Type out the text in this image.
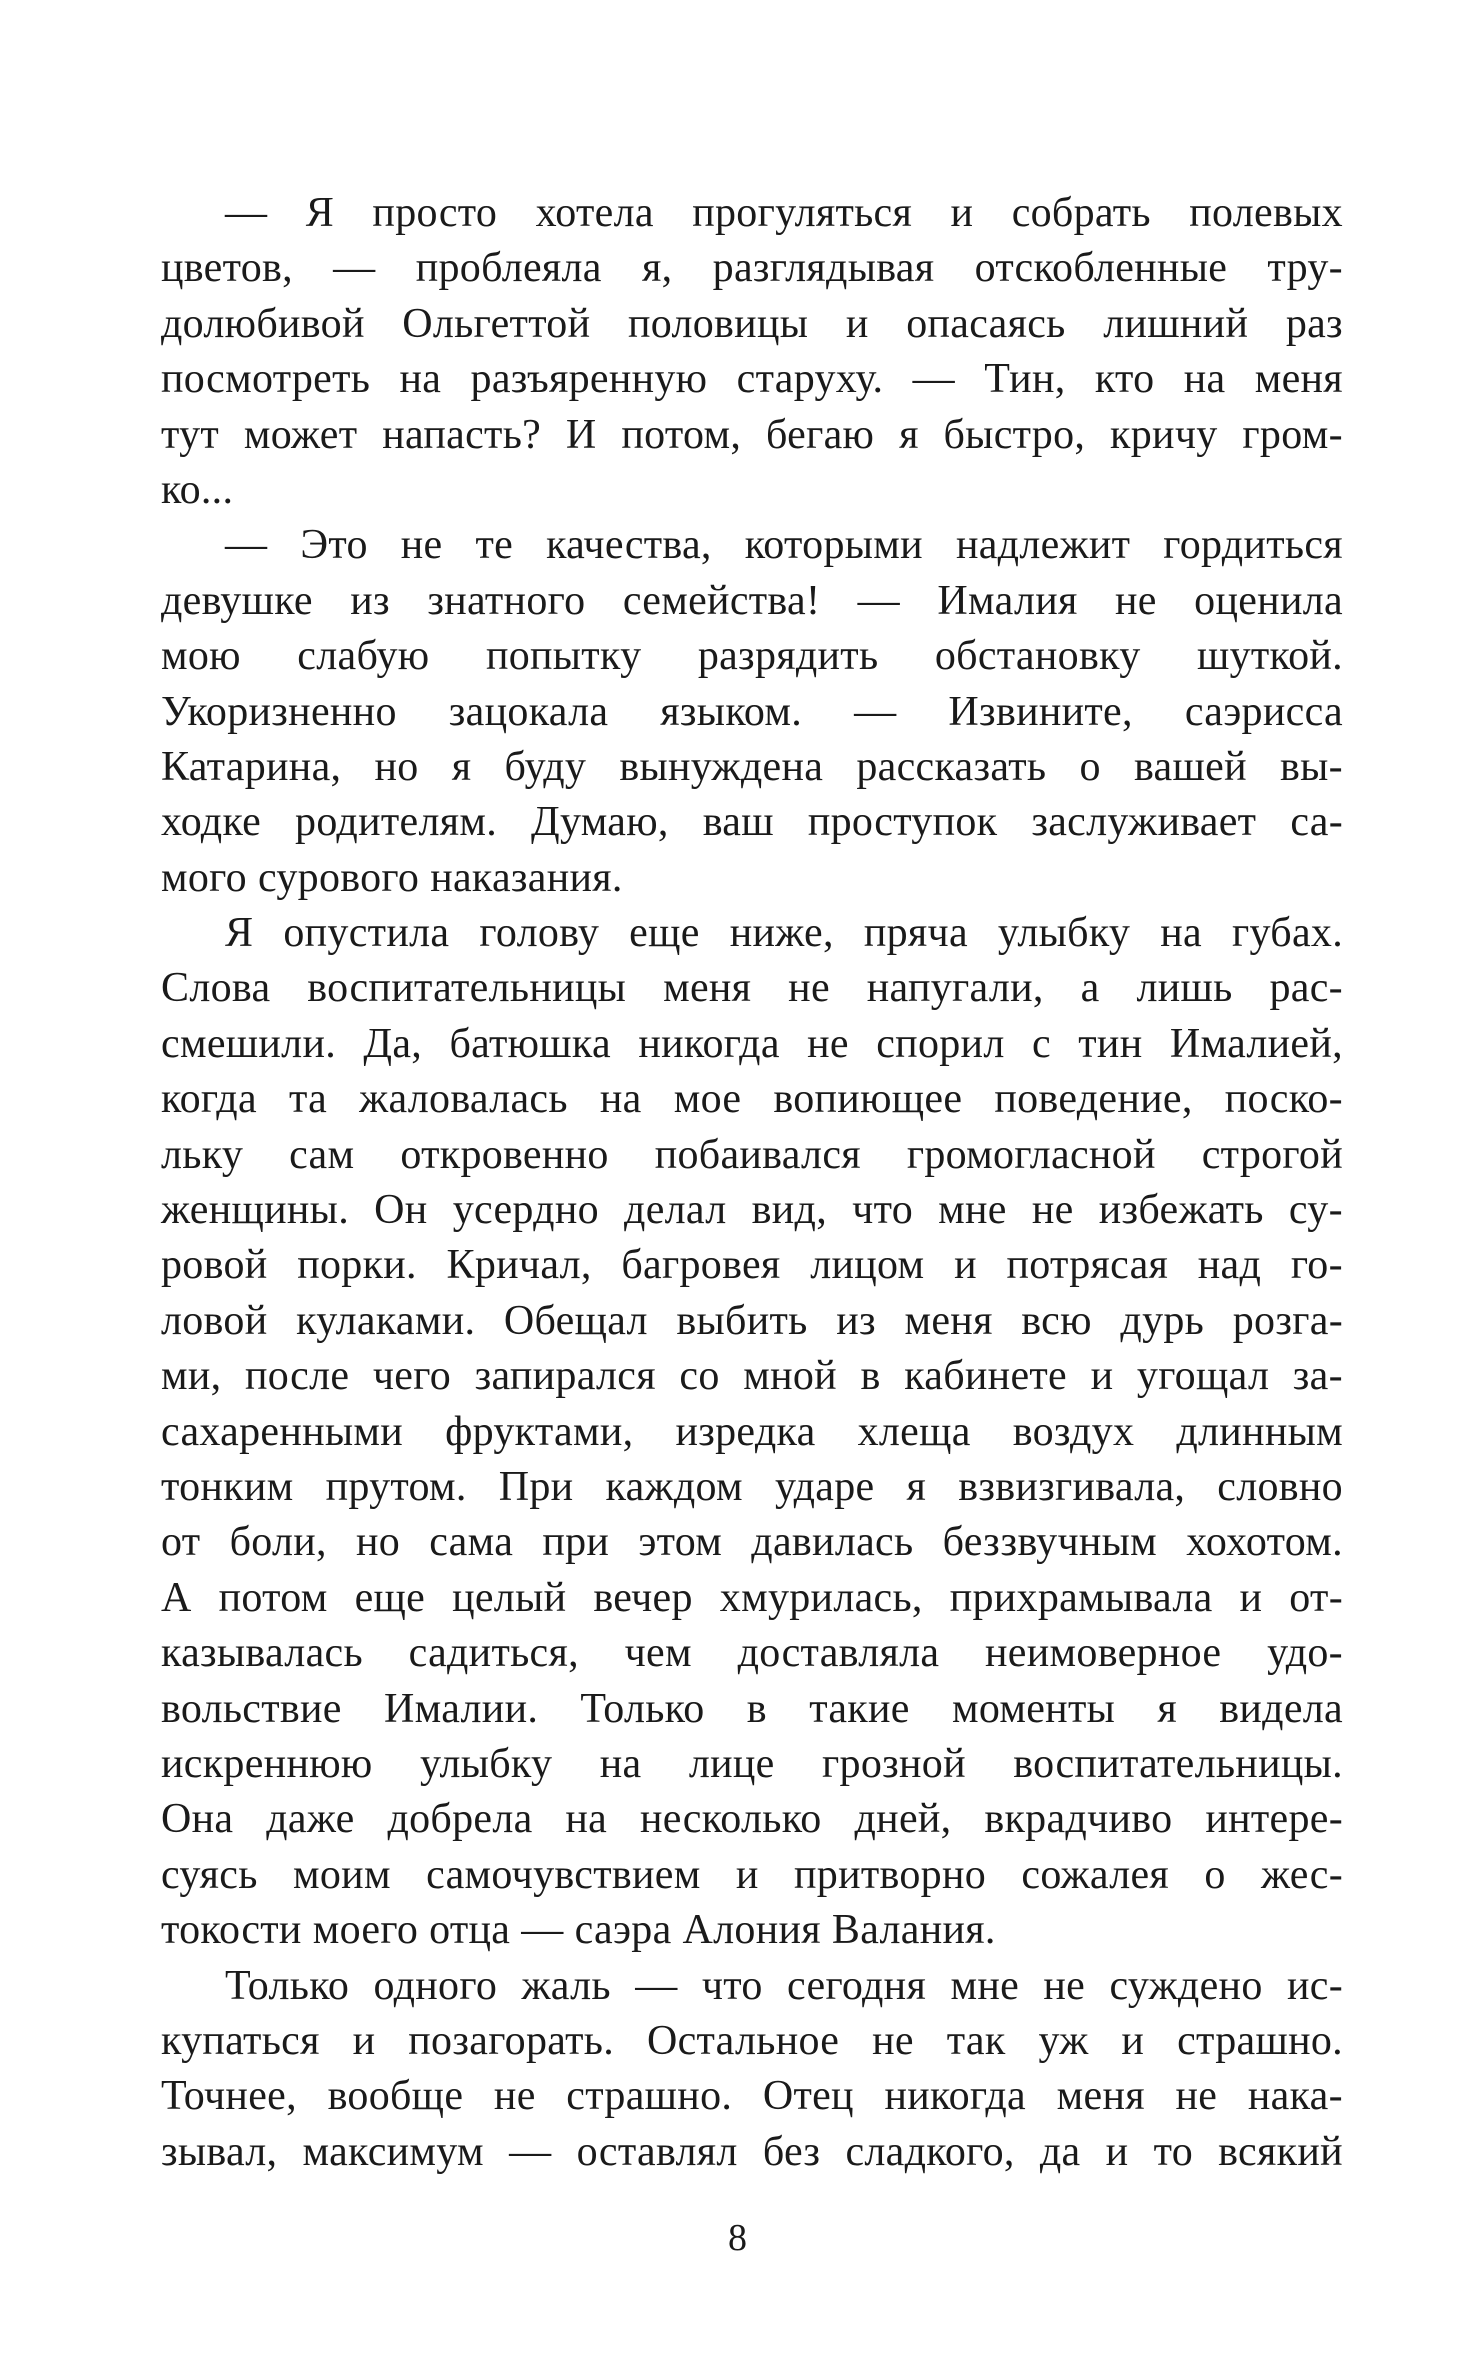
— Я просто хотела прогуляться и собрать полевых
цветов, — проблеяла я, разглядывая отскобленные тру-
долюбивой Ольгеттой половицы и опасаясь лишний раз
посмотреть на разъяренную старуху. — Тин, кто на меня
тут может напасть? И потом, бегаю я быстро, кричу гром-
ко...
— Это не те качества, которыми надлежит гордиться
девушке из знатного семейства! — Ималия не оценила
мою слабую попытку разрядить обстановку шуткой.
Укоризненно зацокала языком. — Извините, саэрисса
Катарина, но я буду вынуждена рассказать о вашей вы-
ходке родителям. Думаю, ваш проступок заслуживает са-
мого сурового наказания.
Я опустила голову еще ниже, пряча улыбку на губах.
Слова воспитательницы меня не напугали, а лишь рас-
смешили. Да, батюшка никогда не спорил с тин Ималией,
когда та жаловалась на мое вопиющее поведение, поско-
льку сам откровенно побаивался громогласной строгой
женщины. Он усердно делал вид, что мне не избежать су-
ровой порки. Кричал, багровея лицом и потрясая над го-
ловой кулаками. Обещал выбить из меня всю дурь розга-
ми, после чего запирался со мной в кабинете и угощал за-
сахаренными фруктами, изредка хлеща воздух длинным
тонким прутом. При каждом ударе я взвизгивала, словно
от боли, но сама при этом давилась беззвучным хохотом.
А потом еще целый вечер хмурилась, прихрамывала и от-
казывалась садиться, чем доставляла неимоверное удо-
вольствие Ималии. Только в такие моменты я видела
искреннюю улыбку на лице грозной воспитательницы.
Она даже добрела на несколько дней, вкрадчиво интере-
суясь моим самочувствием и притворно сожалея о жес-
токости моего отца — саэра Алония Валания.
Только одного жаль — что сегодня мне не суждено ис-
купаться и позагорать. Остальное не так уж и страшно.
Точнее, вообще не страшно. Отец никогда меня не нака-
зывал, максимум — оставлял без сладкого, да и то всякий
8
